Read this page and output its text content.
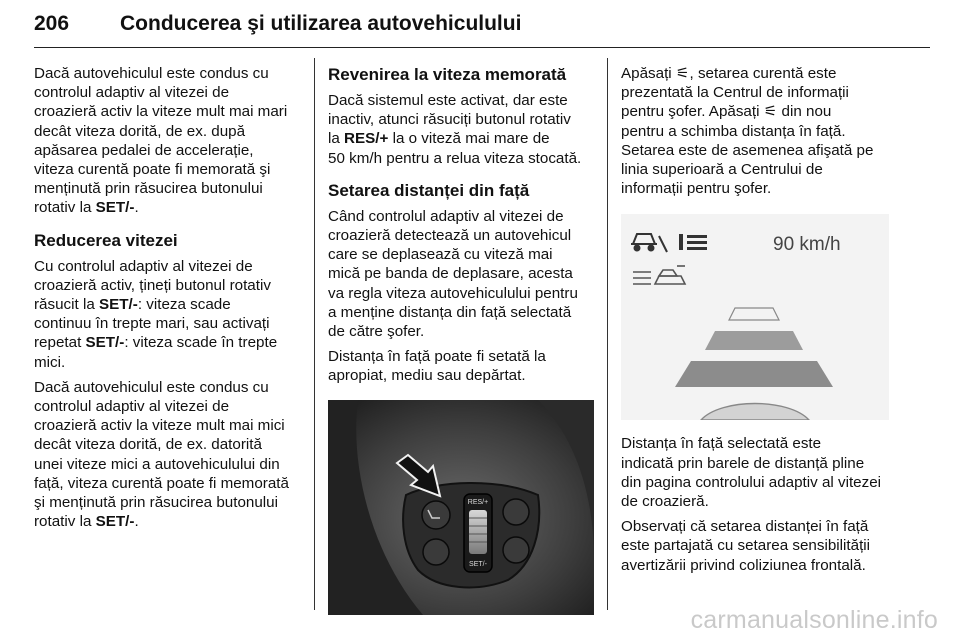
206 Conducerea şi utilizarea autovehiculului

Dacă autovehiculul este condus cu
controlul adaptiv al vitezei de
croazieră activ la viteze mult mai mari
decât viteza dorită, de ex. după
apăsarea pedalei de accelerație,
viteza curentă poate fi memorată şi
menținută prin răsucirea butonului
rotativ la SET/-.

Reducerea vitezei

Cu controlul adaptiv al vitezei de
croazieră activ, țineți butonul rotativ
răsucit la SET/-: viteza scade
continuu în trepte mari, sau activați
repetat SET/-: viteza scade în trepte
mici.

Dacă autovehiculul este condus cu
controlul adaptiv al vitezei de
croazieră activ la viteze mult mai mici
decât viteza dorită, de ex. datorită
unei viteze mici a autovehiculului din
față, viteza curentă poate fi memorată
şi menținută prin răsucirea butonului
rotativ la SET/-.

Revenirea la viteza memorată

Dacă sistemul este activat, dar este
inactiv, atunci răsuciți butonul rotativ
la RES/+ la o viteză mai mare de
50 km/h pentru a relua viteza stocată.

Setarea distanței din față

Când controlul adaptiv al vitezei de
croazieră detectează un autovehicul
care se deplasează cu viteză mai
mică pe banda de deplasare, acesta
va regla viteza autovehiculului pentru
a menține distanța din față selectată
de către şofer.

Distanța în față poate fi setată la
apropiat, mediu sau depărtat.

RES/+
SET/-

Apăsați ⚟, setarea curentă este
prezentată la Centrul de informații
pentru şofer. Apăsați ⚟ din nou
pentru a schimba distanța în față.
Setarea este de asemenea afişată pe
linia superioară a Centrului de
informații pentru şofer.

90 km/h

Distanța în față selectată este
indicată prin barele de distanță pline
din pagina controlului adaptiv al vitezei
de croazieră.

Observați că setarea distanței în față
este partajată cu setarea sensibilității
avertizării privind coliziunea frontală.

carmanualsonline.info
